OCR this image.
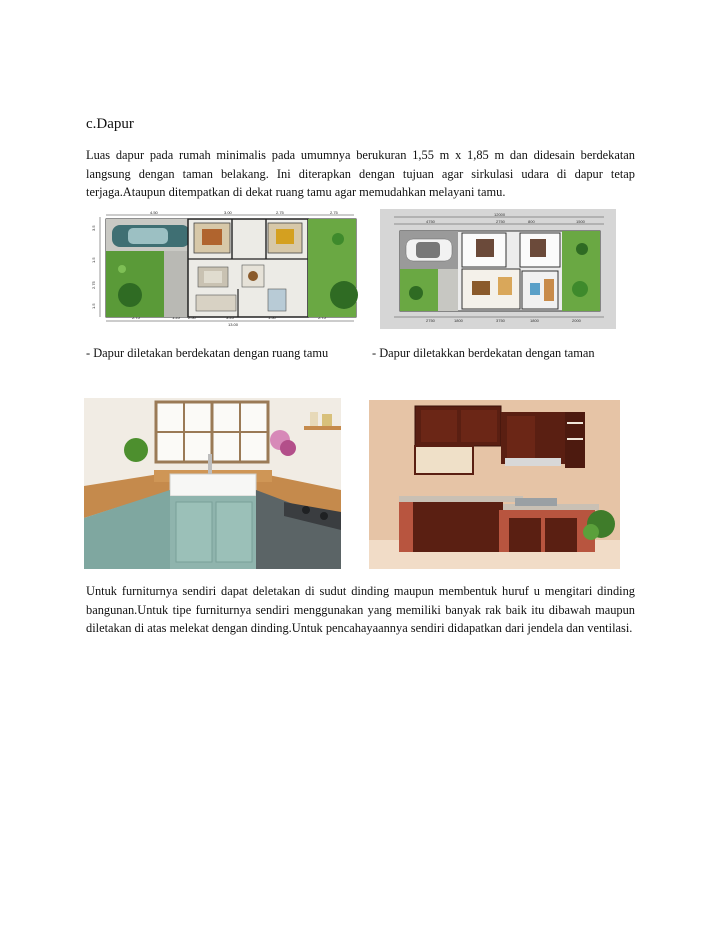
c.Dapur
Luas dapur pada rumah minimalis pada umumnya berukuran 1,55 m x 1,85 m dan didesain berdekatan langsung dengan taman belakang. Ini diterapkan dengan tujuan agar sirkulasi udara di dapur tetap terjaga.Ataupun ditempatkan di dekat ruang tamu agar memudahkan melayani tamu.
4.50	3.00	2.75	2.75
13.00
3.5
1.5
2.75
1.5
12000
4750	2750	800	1500
2750	1800	3750	1800	2000
- Dapur diletakan berdekatan dengan ruang tamu	- Dapur diletakkan berdekatan dengan taman
Untuk furniturnya sendiri dapat deletakan di sudut dinding maupun membentuk huruf u mengitari dinding bangunan.Untuk tipe furniturnya sendiri menggunakan yang memiliki banyak rak baik itu dibawah maupun diletakan di atas melekat dengan dinding.Untuk pencahayaannya sendiri didapatkan dari jendela dan ventilasi.
